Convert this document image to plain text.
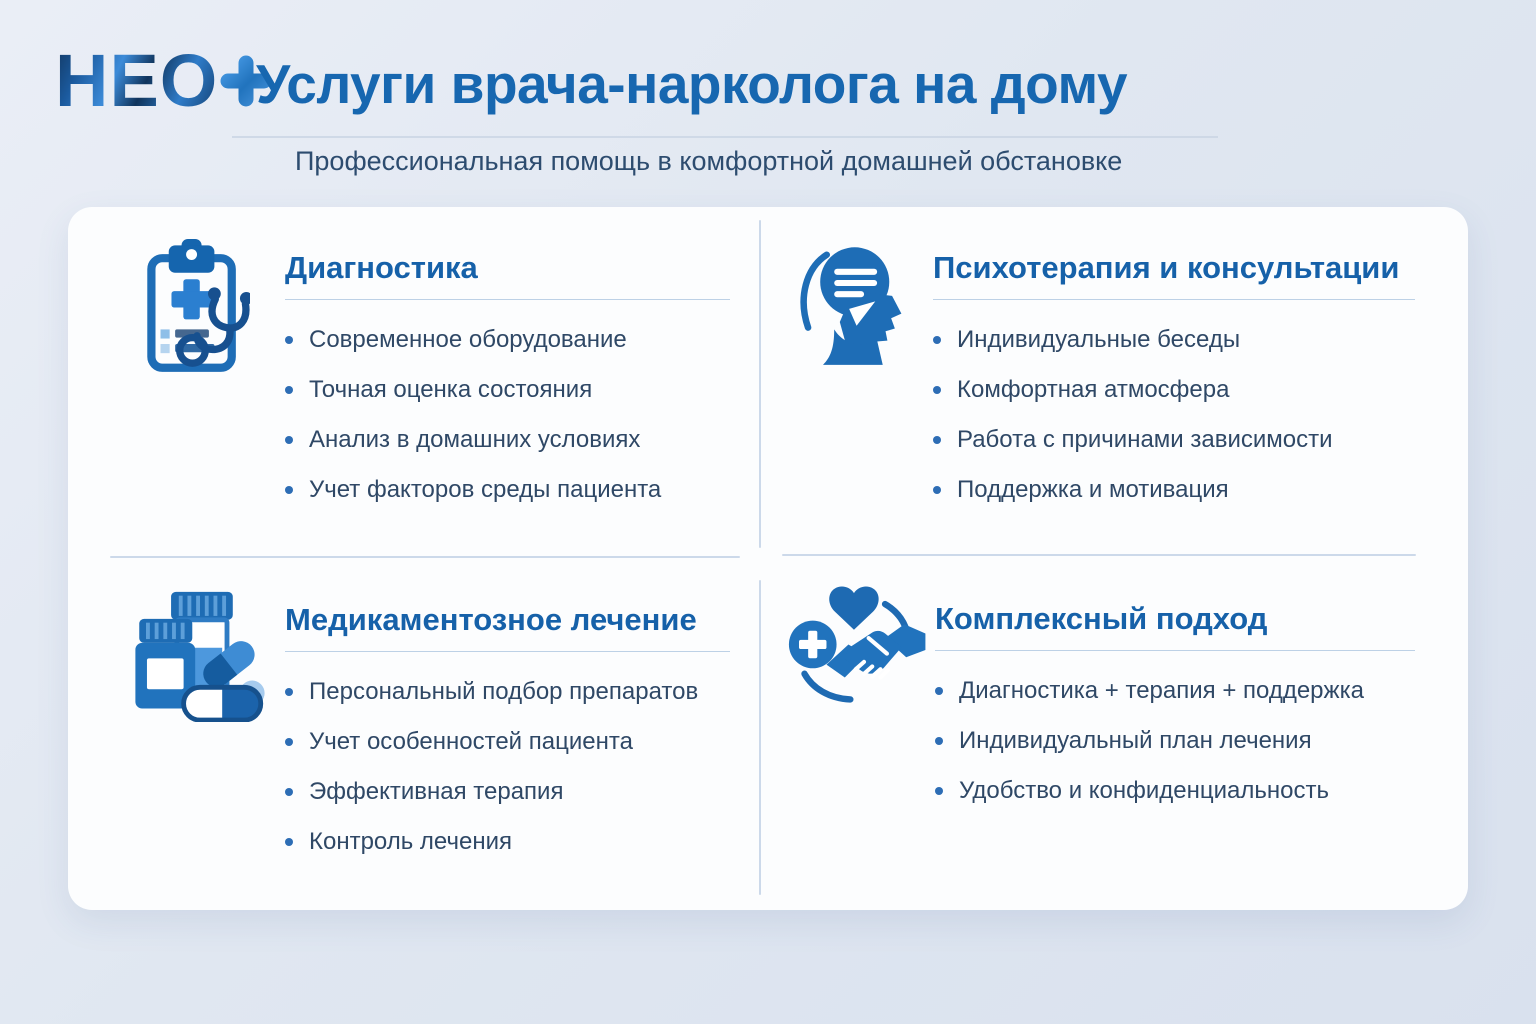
НЕО Услуги врача-нарколога на дому
Профессиональная помощь в комфортной домашней обстановке
Диагностика
Современное оборудование
Точная оценка состояния
Анализ в домашних условиях
Учет факторов среды пациента
Психотерапия и консультации
Индивидуальные беседы
Комфортная атмосфера
Работа с причинами зависимости
Поддержка и мотивация
Медикаментозное лечение
Персональный подбор препаратов
Учет особенностей пациента
Эффективная терапия
Контроль лечения
Комплексный подход
Диагностика + терапия + поддержка
Индивидуальный план лечения
Удобство и конфиденциальность
